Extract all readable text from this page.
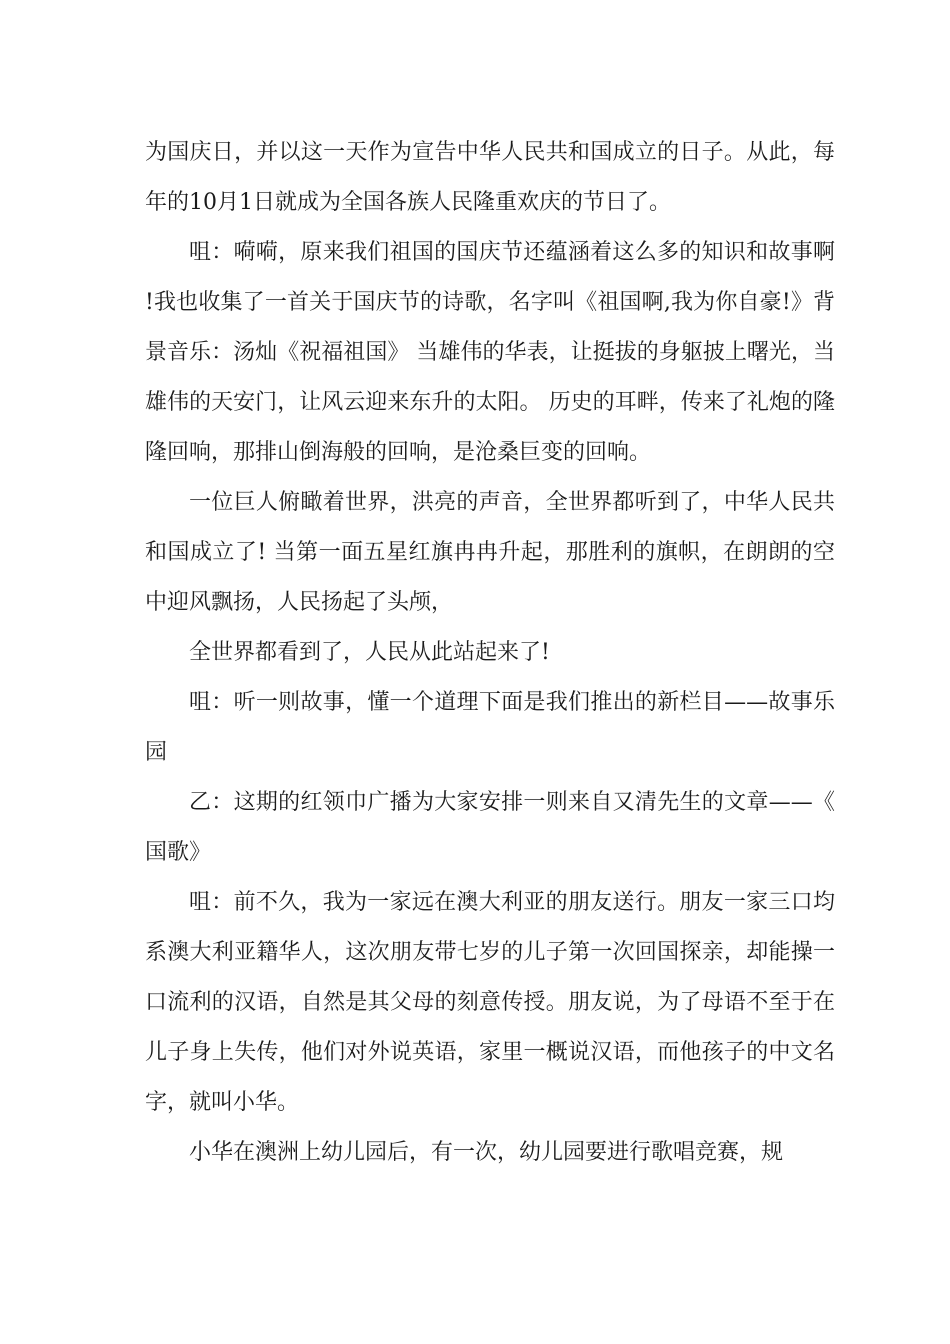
为国庆日，并以这一天作为宣告中华人民共和国成立的日子。从此，每年的10月1日就成为全国各族人民隆重欢庆的节日了。

咀：嗬嗬，原来我们祖国的国庆节还蕴涵着这么多的知识和故事啊!我也收集了一首关于国庆节的诗歌，名字叫《祖国啊,我为你自豪!》背景音乐：汤灿《祝福祖国》 当雄伟的华表，让挺拔的身躯披上曙光，当雄伟的天安门，让风云迎来东升的太阳。 历史的耳畔，传来了礼炮的隆隆回响，那排山倒海般的回响，是沧桑巨变的回响。

一位巨人俯瞰着世界，洪亮的声音，全世界都听到了，中华人民共和国成立了! 当第一面五星红旗冉冉升起，那胜利的旗帜，在朗朗的空中迎风飘扬，人民扬起了头颅，

全世界都看到了，人民从此站起来了!

咀：听一则故事，懂一个道理下面是我们推出的新栏目——故事乐园

乙：这期的红领巾广播为大家安排一则来自又清先生的文章——《国歌》

咀：前不久，我为一家远在澳大利亚的朋友送行。朋友一家三口均系澳大利亚籍华人，这次朋友带七岁的儿子第一次回国探亲，却能操一口流利的汉语，自然是其父母的刻意传授。朋友说，为了母语不至于在儿子身上失传，他们对外说英语，家里一概说汉语，而他孩子的中文名字，就叫小华。

小华在澳洲上幼儿园后，有一次，幼儿园要进行歌唱竞赛，规
